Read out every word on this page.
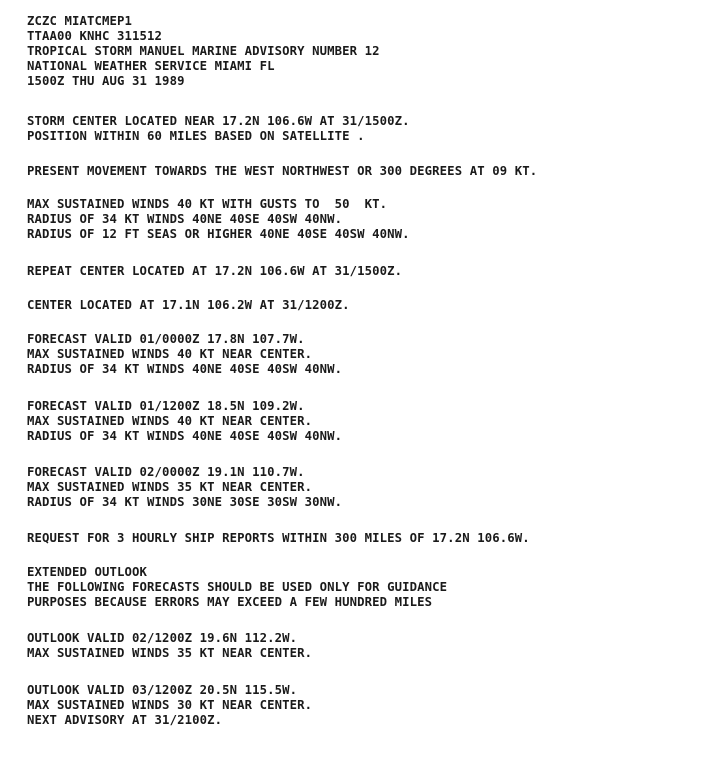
ZCZC MIATCMEP1
TTAA00 KNHC 311512
TROPICAL STORM MANUEL MARINE ADVISORY NUMBER 12
NATIONAL WEATHER SERVICE MIAMI FL
1500Z THU AUG 31 1989
STORM CENTER LOCATED NEAR 17.2N 106.6W AT 31/1500Z.
POSITION WITHIN 60 MILES BASED ON SATELLITE .
PRESENT MOVEMENT TOWARDS THE WEST NORTHWEST OR 300 DEGREES AT 09 KT.
MAX SUSTAINED WINDS 40 KT WITH GUSTS TO  50  KT.
RADIUS OF 34 KT WINDS 40NE 40SE 40SW 40NW.
RADIUS OF 12 FT SEAS OR HIGHER 40NE 40SE 40SW 40NW.
REPEAT CENTER LOCATED AT 17.2N 106.6W AT 31/1500Z.
CENTER LOCATED AT 17.1N 106.2W AT 31/1200Z.
FORECAST VALID 01/0000Z 17.8N 107.7W.
MAX SUSTAINED WINDS 40 KT NEAR CENTER.
RADIUS OF 34 KT WINDS 40NE 40SE 40SW 40NW.
FORECAST VALID 01/1200Z 18.5N 109.2W.
MAX SUSTAINED WINDS 40 KT NEAR CENTER.
RADIUS OF 34 KT WINDS 40NE 40SE 40SW 40NW.
FORECAST VALID 02/0000Z 19.1N 110.7W.
MAX SUSTAINED WINDS 35 KT NEAR CENTER.
RADIUS OF 34 KT WINDS 30NE 30SE 30SW 30NW.
REQUEST FOR 3 HOURLY SHIP REPORTS WITHIN 300 MILES OF 17.2N 106.6W.
EXTENDED OUTLOOK
THE FOLLOWING FORECASTS SHOULD BE USED ONLY FOR GUIDANCE
PURPOSES BECAUSE ERRORS MAY EXCEED A FEW HUNDRED MILES
OUTLOOK VALID 02/1200Z 19.6N 112.2W.
MAX SUSTAINED WINDS 35 KT NEAR CENTER.
OUTLOOK VALID 03/1200Z 20.5N 115.5W.
MAX SUSTAINED WINDS 30 KT NEAR CENTER.
NEXT ADVISORY AT 31/2100Z.
